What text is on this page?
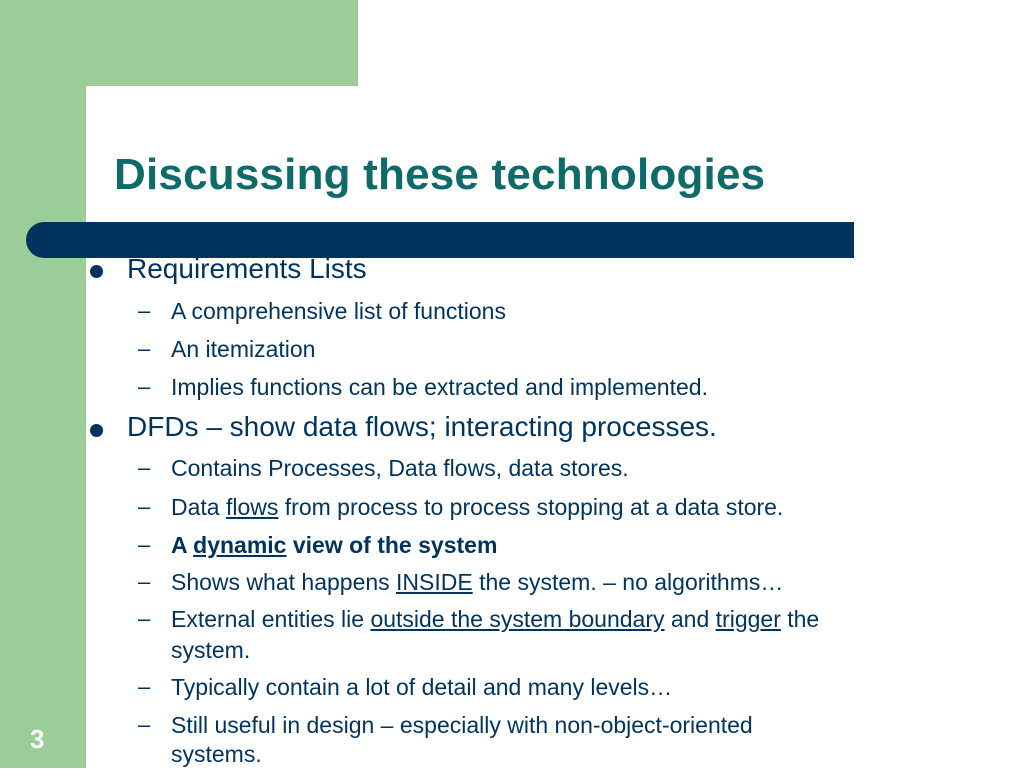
Discussing these technologies
Requirements Lists
– A comprehensive list of functions
– An itemization
– Implies functions can be extracted and implemented.
DFDs – show data flows; interacting processes.
– Contains Processes, Data flows, data stores.
– Data flows from process to process stopping at a data store.
– A dynamic view of the system
– Shows what happens INSIDE the system. – no algorithms…
– External entities lie outside the system boundary and trigger the
system.
– Typically contain a lot of detail and many levels…
– Still useful in design – especially with non-object-oriented
systems.
3
